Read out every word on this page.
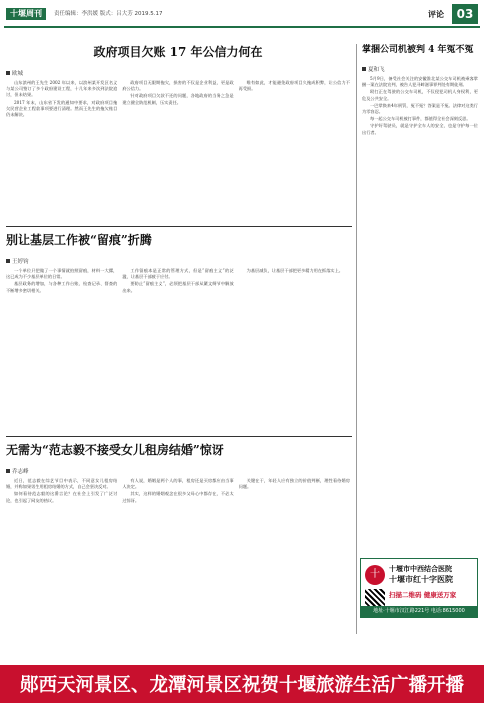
十堰周刊	责任编辑：李洪媛 版式：吕大芳 2019.5.17	评论	03
政府项目欠账 17 年公信力何在
欧城

山东滨州的王先生 2002 年以来，以滨州某开发区名义与某公司签订了多个政府建设工程，十几年来多次到法院追讨，但未结果。

2017 年末，山东省下发的通知中要求，对政府项目拖欠民营企业工程款事项要进行清理。然而王先生的拖欠账目仍未解决。

政府项目无限期拖欠，损害的不仅是企业利益，更是政府公信力。

针对政府项目欠款不还的问题，各地政府的当务之急是建立健全防范机制，压实责任。

唯有如此，才能避免政府项目久拖成积弊，让公信力不再受损。

别让基层工作被“留痕”折腾
王婷钧

一个单位只把做了一个事情就拍照留痕，材料一大摞，这已成为不少基层单位的日常。

基层政务的增加，与各种工作台账、检查记录、督查的不断增多密切相关。

工作留痕本是正常的管理方式，但是“留痕主义”的泛滥，让基层干部疲于应付。

要防止“留痕主义”，必须把基层干部从繁文缛节中解放出来。

为基层减负，让基层干部把更多精力用在抓落实上。

无需为“范志毅不接受女儿租房结婚”惊讶
乔志峰

近日，范志毅在综艺节目中表示，不同意女儿租房结婚，并称如果男生用租房结婚的方式，自己会坚决反对。

如何看待范志毅的这番言论？在社会上引发了广泛讨论，也引起了网友的热议。

有人说，婚姻是两个人的事，租房还是买房都应由当事人决定。

其实，这样的婚姻观念在很多父母心中都存在，不必太过惊讶。

关键在于，年轻人应有独立的价值判断，理性看待婚房问题。

掌捆公司机被判 4 年冤不冤
夏和飞

5月9日，备受社会关注的安徽淮北某公交车司机被乘客掌捆一案在法院宣判，被告人犯寻衅滋事罪判处有期徒刑。

殴打正在驾驶的公交车司机，不仅侵犯司机人身权利，更危及公共安全。

一巴掌换来4年刑罚，冤不冤？答案是不冤。法律对这类行为零容忍。

每一起公交车司机被打事件，都值得全社会深刻反思。

守护好驾驶员，就是守护全车人的安全，也是守护每一位出行者。

十
十堰市中西结合医院
十堰市红十字医院
扫描二维码 健康送万家
地址·十堰市汉江路221号 电话:8615000
郧西天河景区、龙潭河景区祝贺十堰旅游生活广播开播
